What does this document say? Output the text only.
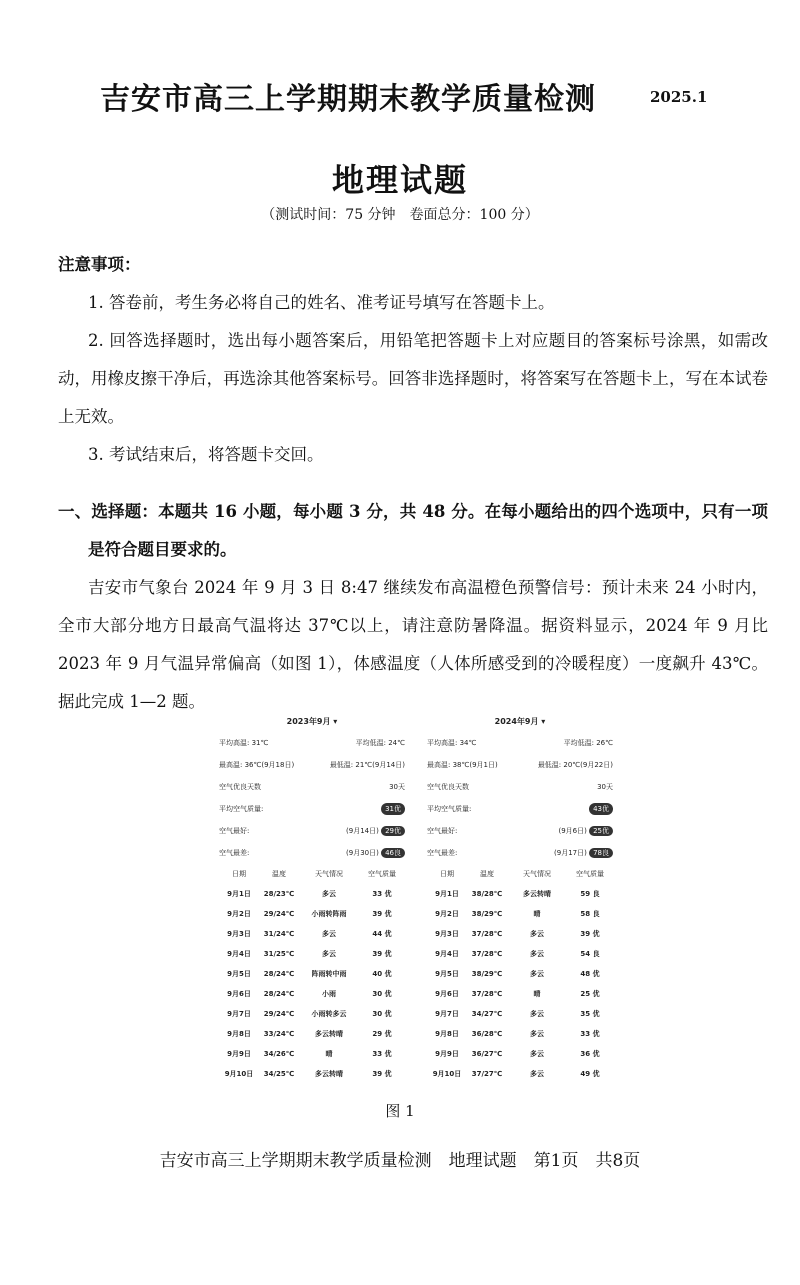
吉安市高三上学期期末教学质量检测	2025.1
地理试题
（测试时间：75 分钟　卷面总分：100 分）
注意事项：
1. 答卷前，考生务必将自己的姓名、准考证号填写在答题卡上。
2. 回答选择题时，选出每小题答案后，用铅笔把答题卡上对应题目的答案标号涂黑，如需改动，用橡皮擦干净后，再选涂其他答案标号。回答非选择题时，将答案写在答题卡上，写在本试卷上无效。
3. 考试结束后，将答题卡交回。
一、选择题：本题共 16 小题，每小题 3 分，共 48 分。在每小题给出的四个选项中，只有一项是符合题目要求的。
吉安市气象台 2024 年 9 月 3 日 8:47 继续发布高温橙色预警信号：预计未来 24 小时内，全市大部分地方日最高气温将达 37℃以上，请注意防暑降温。据资料显示，2024 年 9 月比 2023 年 9 月气温异常偏高（如图 1），体感温度（人体所感受到的冷暖程度）一度飙升 43℃。据此完成 1—2 题。
2023年9月 ▾
平均高温: 31℃	平均低温: 24℃
最高温: 36℃(9月18日)	最低温: 21℃(9月14日)
空气优良天数	30天
平均空气质量:	31优
空气最好:	(9月14日) 29优
空气最差:	(9月30日) 46良
日期	温度	天气情况	空气质量
9月1日	28/23℃	多云	33 优
9月2日	29/24℃	小雨转阵雨	39 优
9月3日	31/24℃	多云	44 优
9月4日	31/25℃	多云	39 优
9月5日	28/24℃	阵雨转中雨	40 优
9月6日	28/24℃	小雨	30 优
9月7日	29/24℃	小雨转多云	30 优
9月8日	33/24℃	多云转晴	29 优
9月9日	34/26℃	晴	33 优
9月10日	34/25℃	多云转晴	39 优
2024年9月 ▾
平均高温: 34℃	平均低温: 26℃
最高温: 38℃(9月1日)	最低温: 20℃(9月22日)
空气优良天数	30天
平均空气质量:	43优
空气最好:	(9月6日) 25优
空气最差:	(9月17日) 78良
日期	温度	天气情况	空气质量
9月1日	38/28℃	多云转晴	59 良
9月2日	38/29℃	晴	58 良
9月3日	37/28℃	多云	39 优
9月4日	37/28℃	多云	54 良
9月5日	38/29℃	多云	48 优
9月6日	37/28℃	晴	25 优
9月7日	34/27℃	多云	35 优
9月8日	36/28℃	多云	33 优
9月9日	36/27℃	多云	36 优
9月10日	37/27℃	多云	49 优
图 1
吉安市高三上学期期末教学质量检测　地理试题　第1页　共8页
